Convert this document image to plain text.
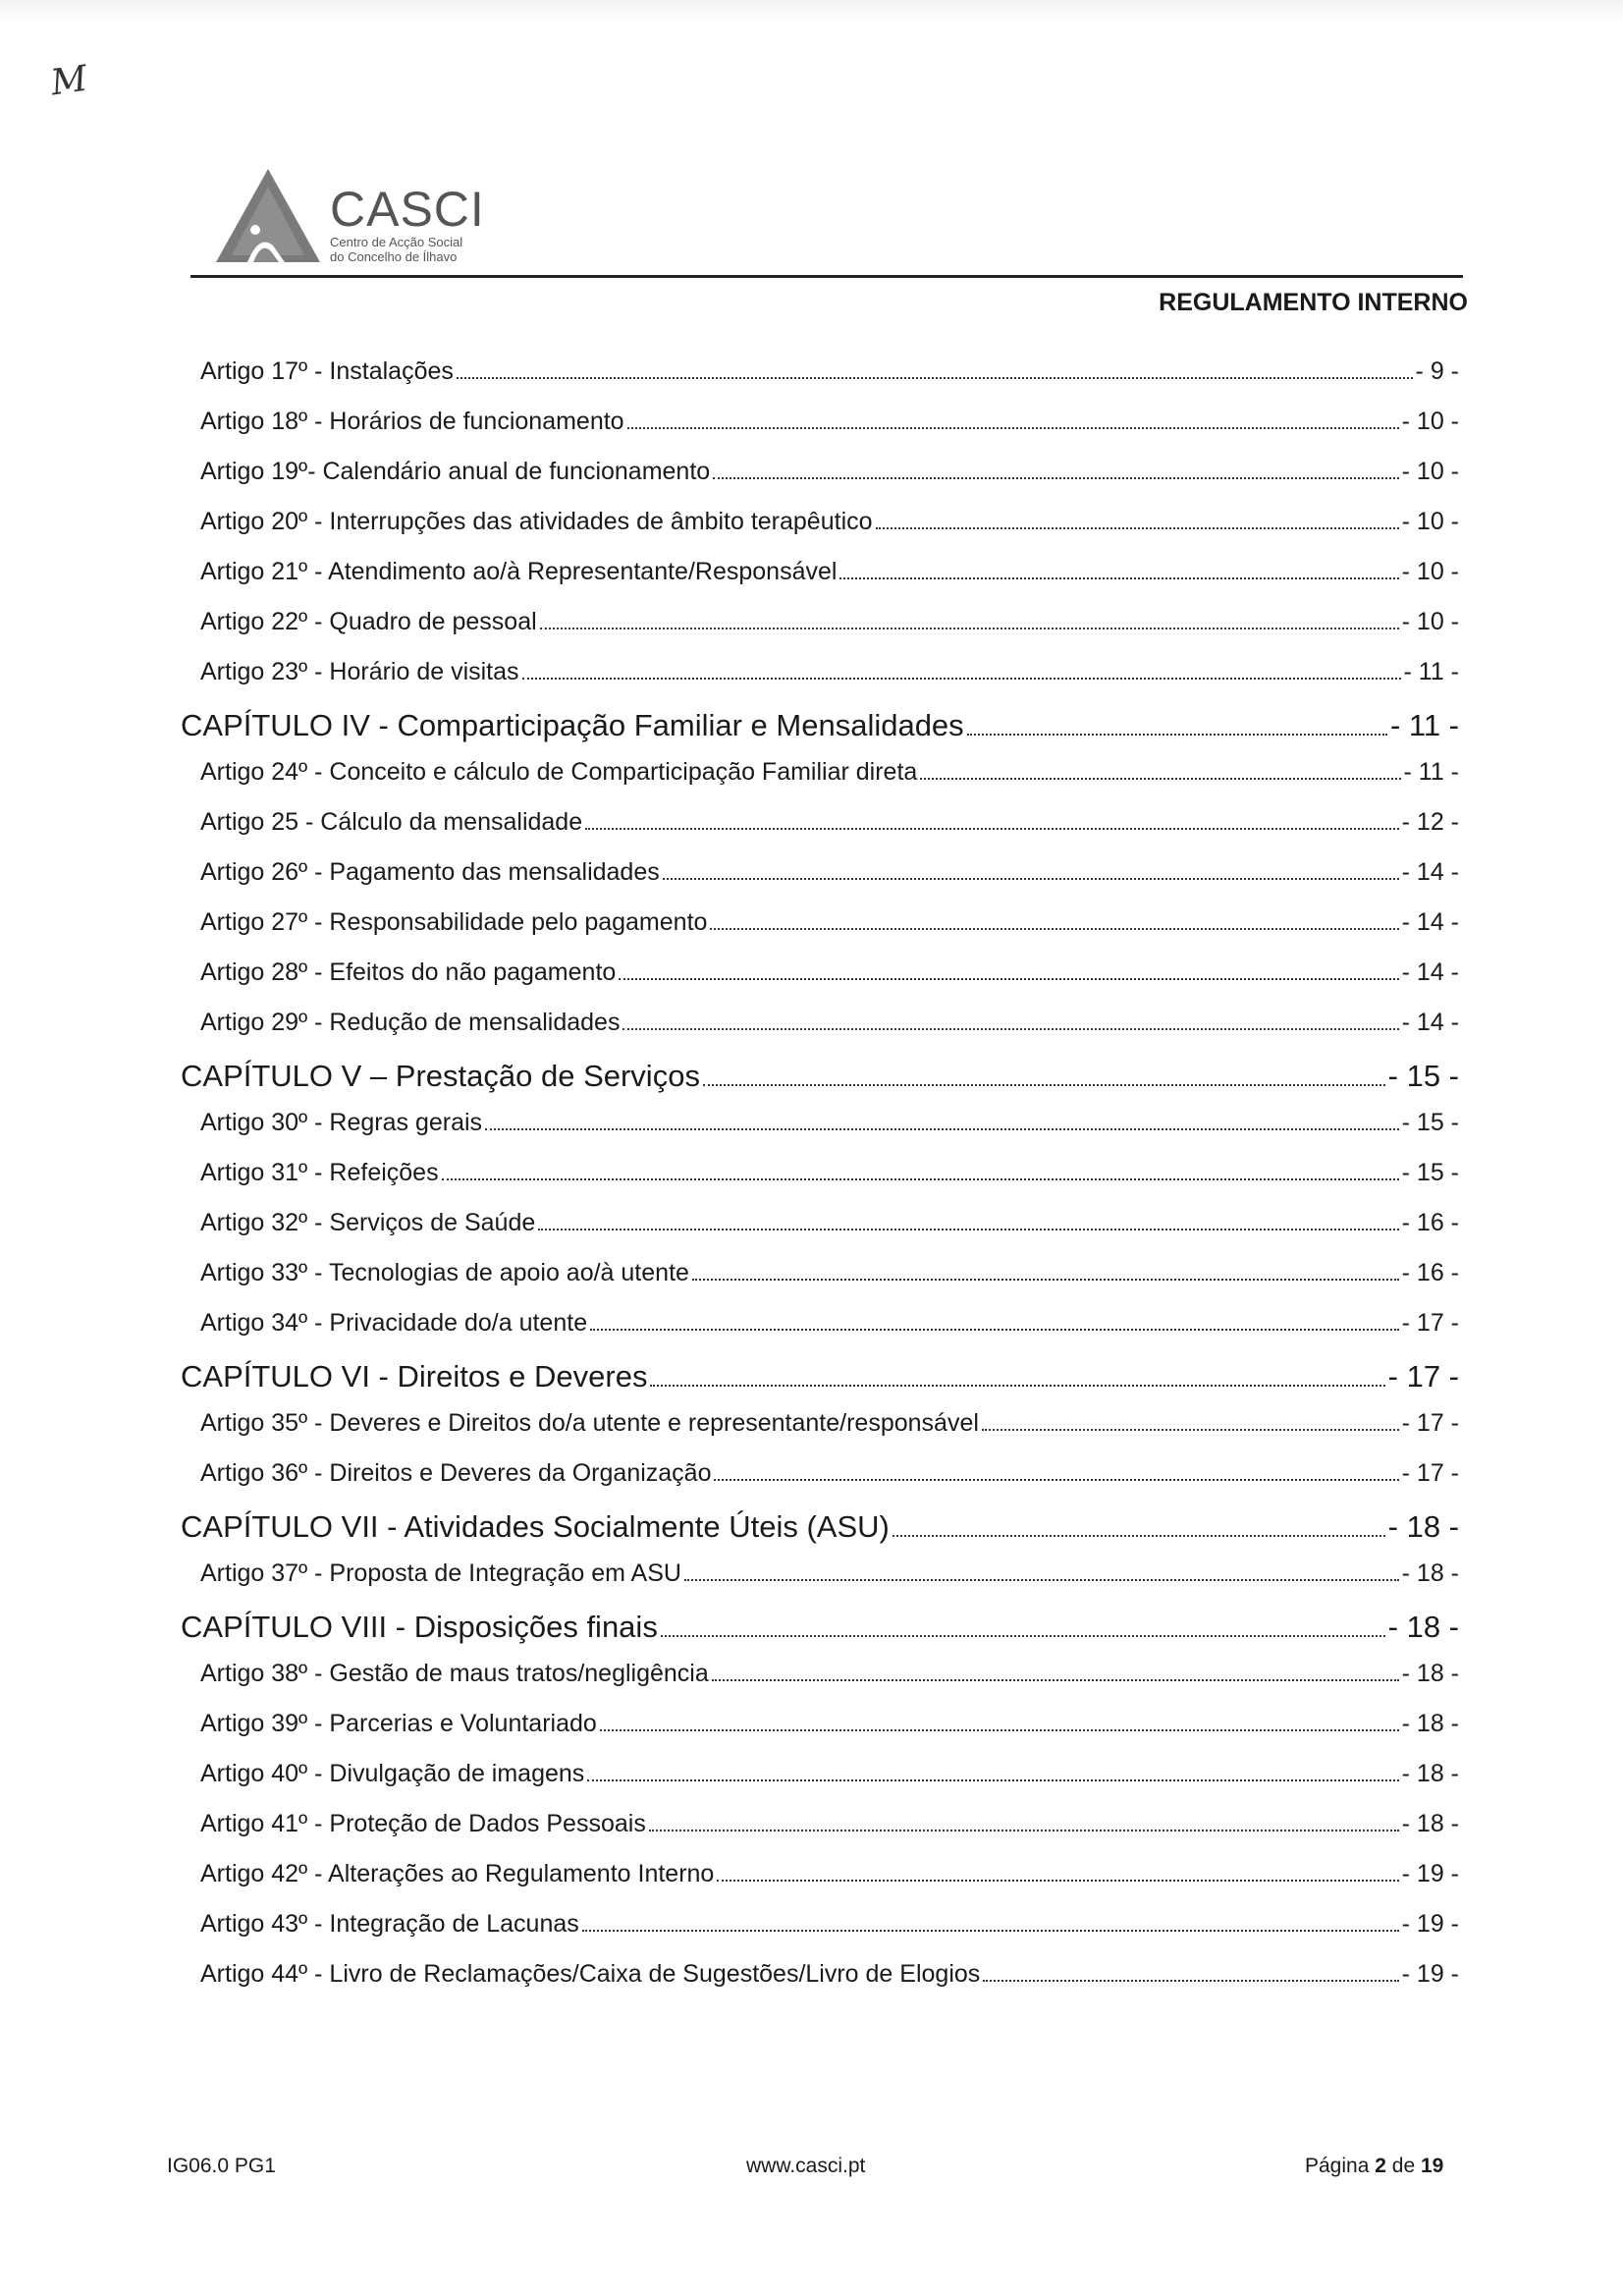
M
CASCI
Centro de Acção Social
do Concelho de Ílhavo
REGULAMENTO INTERNO
Artigo 17º - Instalações	- 9 -
Artigo 18º - Horários de funcionamento	- 10 -
Artigo 19º- Calendário anual de funcionamento	- 10 -
Artigo 20º - Interrupções das atividades de âmbito terapêutico	- 10 -
Artigo 21º - Atendimento ao/à Representante/Responsável	- 10 -
Artigo 22º - Quadro de pessoal	- 10 -
Artigo 23º - Horário de visitas	- 11 -
CAPÍTULO IV - Comparticipação Familiar e Mensalidades	- 11 -
Artigo 24º - Conceito e cálculo de Comparticipação Familiar direta	- 11 -
Artigo 25 - Cálculo da mensalidade	- 12 -
Artigo 26º - Pagamento das mensalidades	- 14 -
Artigo 27º - Responsabilidade pelo pagamento	- 14 -
Artigo 28º - Efeitos do não pagamento	- 14 -
Artigo 29º - Redução de mensalidades	- 14 -
CAPÍTULO V – Prestação de Serviços	- 15 -
Artigo 30º - Regras gerais	- 15 -
Artigo 31º - Refeições	- 15 -
Artigo 32º - Serviços de Saúde	- 16 -
Artigo 33º - Tecnologias de apoio ao/à utente	- 16 -
Artigo 34º - Privacidade do/a utente	- 17 -
CAPÍTULO VI - Direitos e Deveres	- 17 -
Artigo 35º - Deveres e Direitos do/a utente e representante/responsável	- 17 -
Artigo 36º - Direitos e Deveres da Organização	- 17 -
CAPÍTULO VII - Atividades Socialmente Úteis (ASU)	- 18 -
Artigo 37º - Proposta de Integração em ASU	- 18 -
CAPÍTULO VIII - Disposições finais	- 18 -
Artigo 38º - Gestão de maus tratos/negligência	- 18 -
Artigo 39º - Parcerias e Voluntariado	- 18 -
Artigo 40º - Divulgação de imagens	- 18 -
Artigo 41º - Proteção de Dados Pessoais	- 18 -
Artigo 42º - Alterações ao Regulamento Interno	- 19 -
Artigo 43º - Integração de Lacunas	- 19 -
Artigo 44º - Livro de Reclamações/Caixa de Sugestões/Livro de Elogios	- 19 -
IG06.0 PG1	www.casci.pt	Página 2 de 19
